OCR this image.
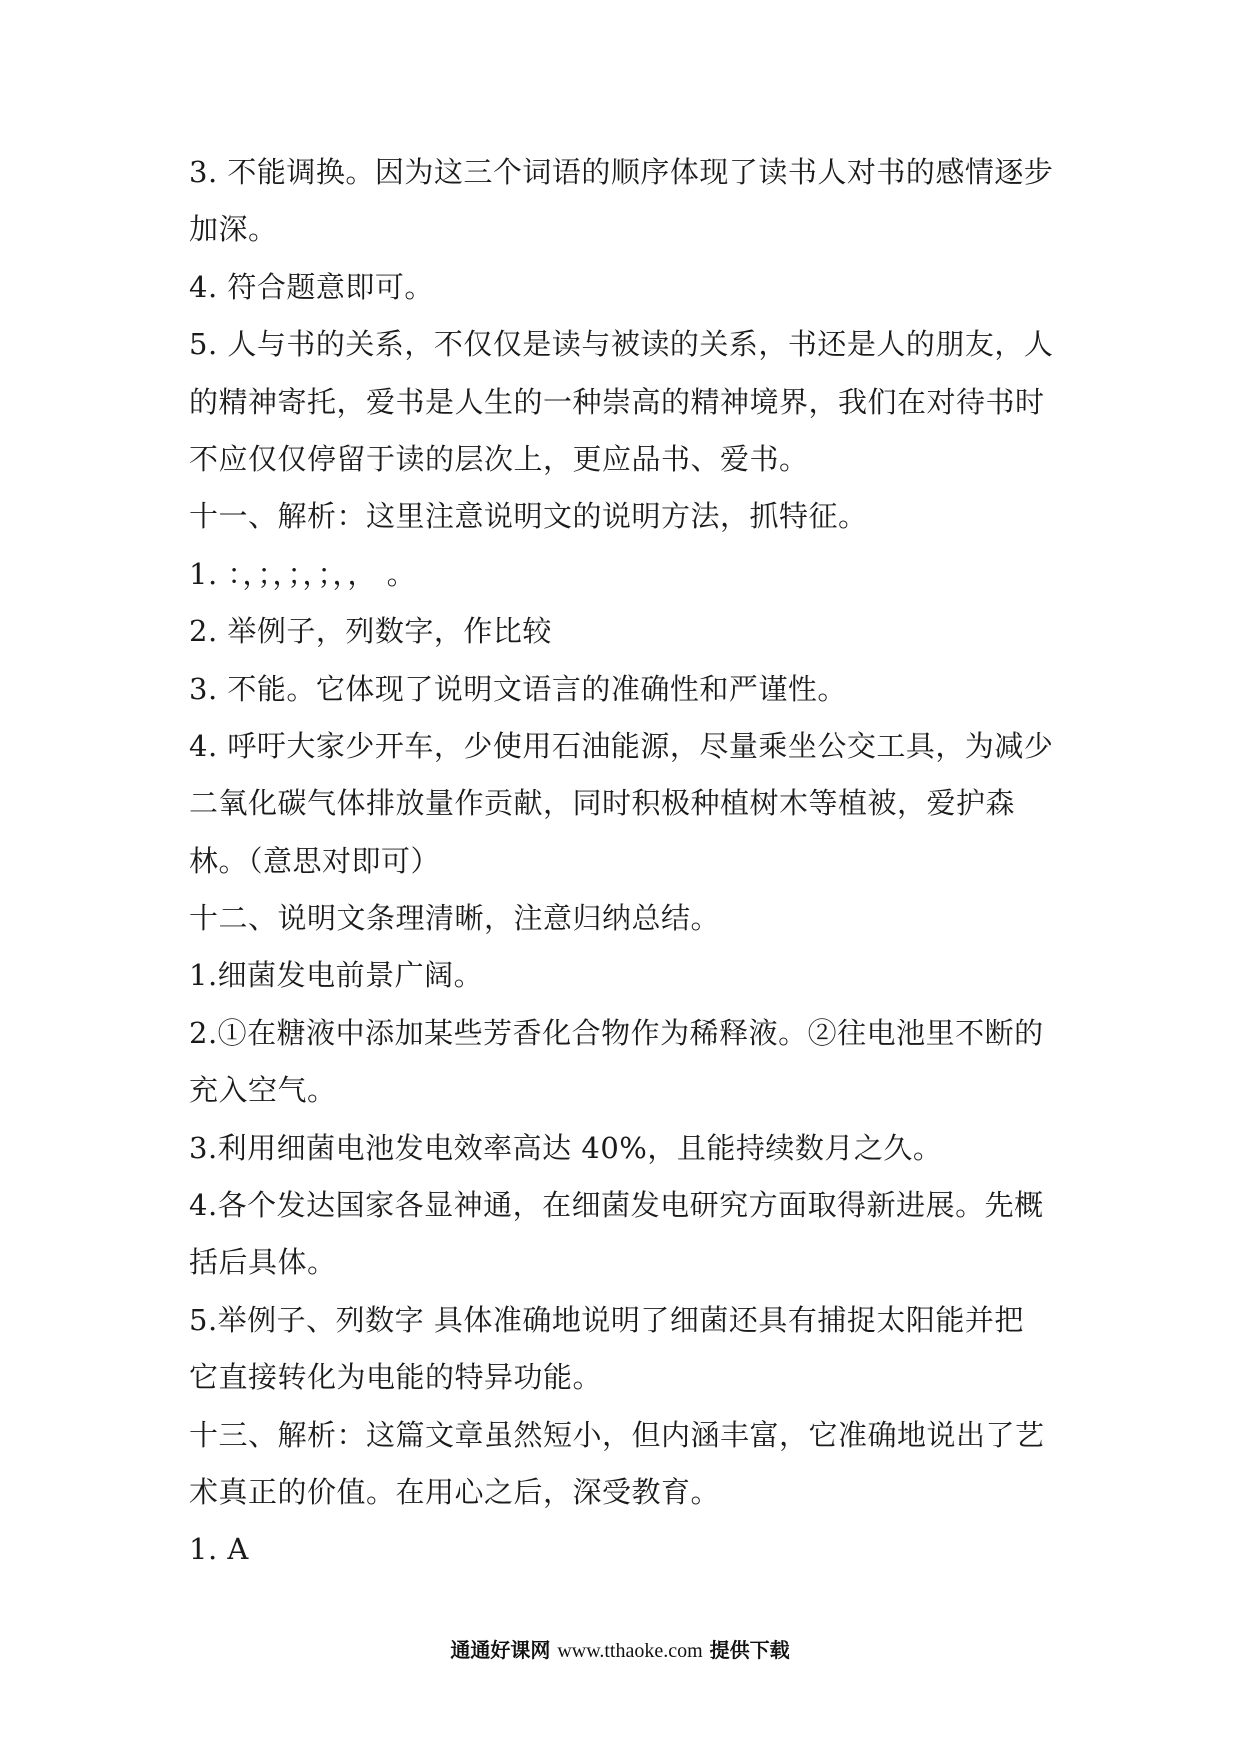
3. 不能调换。因为这三个词语的顺序体现了读书人对书的感情逐步
加深。
4. 符合题意即可。
5. 人与书的关系，不仅仅是读与被读的关系，书还是人的朋友，人
的精神寄托，爱书是人生的一种崇高的精神境界，我们在对待书时
不应仅仅停留于读的层次上，更应品书、爱书。
十一、解析：这里注意说明文的说明方法，抓特征。
1. ：，；，；，；，， 。
2. 举例子，列数字，作比较
3. 不能。它体现了说明文语言的准确性和严谨性。
4. 呼吁大家少开车，少使用石油能源，尽量乘坐公交工具，为减少
二氧化碳气体排放量作贡献，同时积极种植树木等植被，爱护森
林。（意思对即可）
十二、说明文条理清晰，注意归纳总结。
1.细菌发电前景广阔。
2.①在糖液中添加某些芳香化合物作为稀释液。②往电池里不断的
充入空气。
3.利用细菌电池发电效率高达 40%，且能持续数月之久。
4.各个发达国家各显神通，在细菌发电研究方面取得新进展。先概
括后具体。
5.举例子、列数字 具体准确地说明了细菌还具有捕捉太阳能并把
它直接转化为电能的特异功能。
十三、解析：这篇文章虽然短小，但内涵丰富，它准确地说出了艺
术真正的价值。在用心之后，深受教育。
1. A
通通好课网 www.tthaoke.com 提供下载
